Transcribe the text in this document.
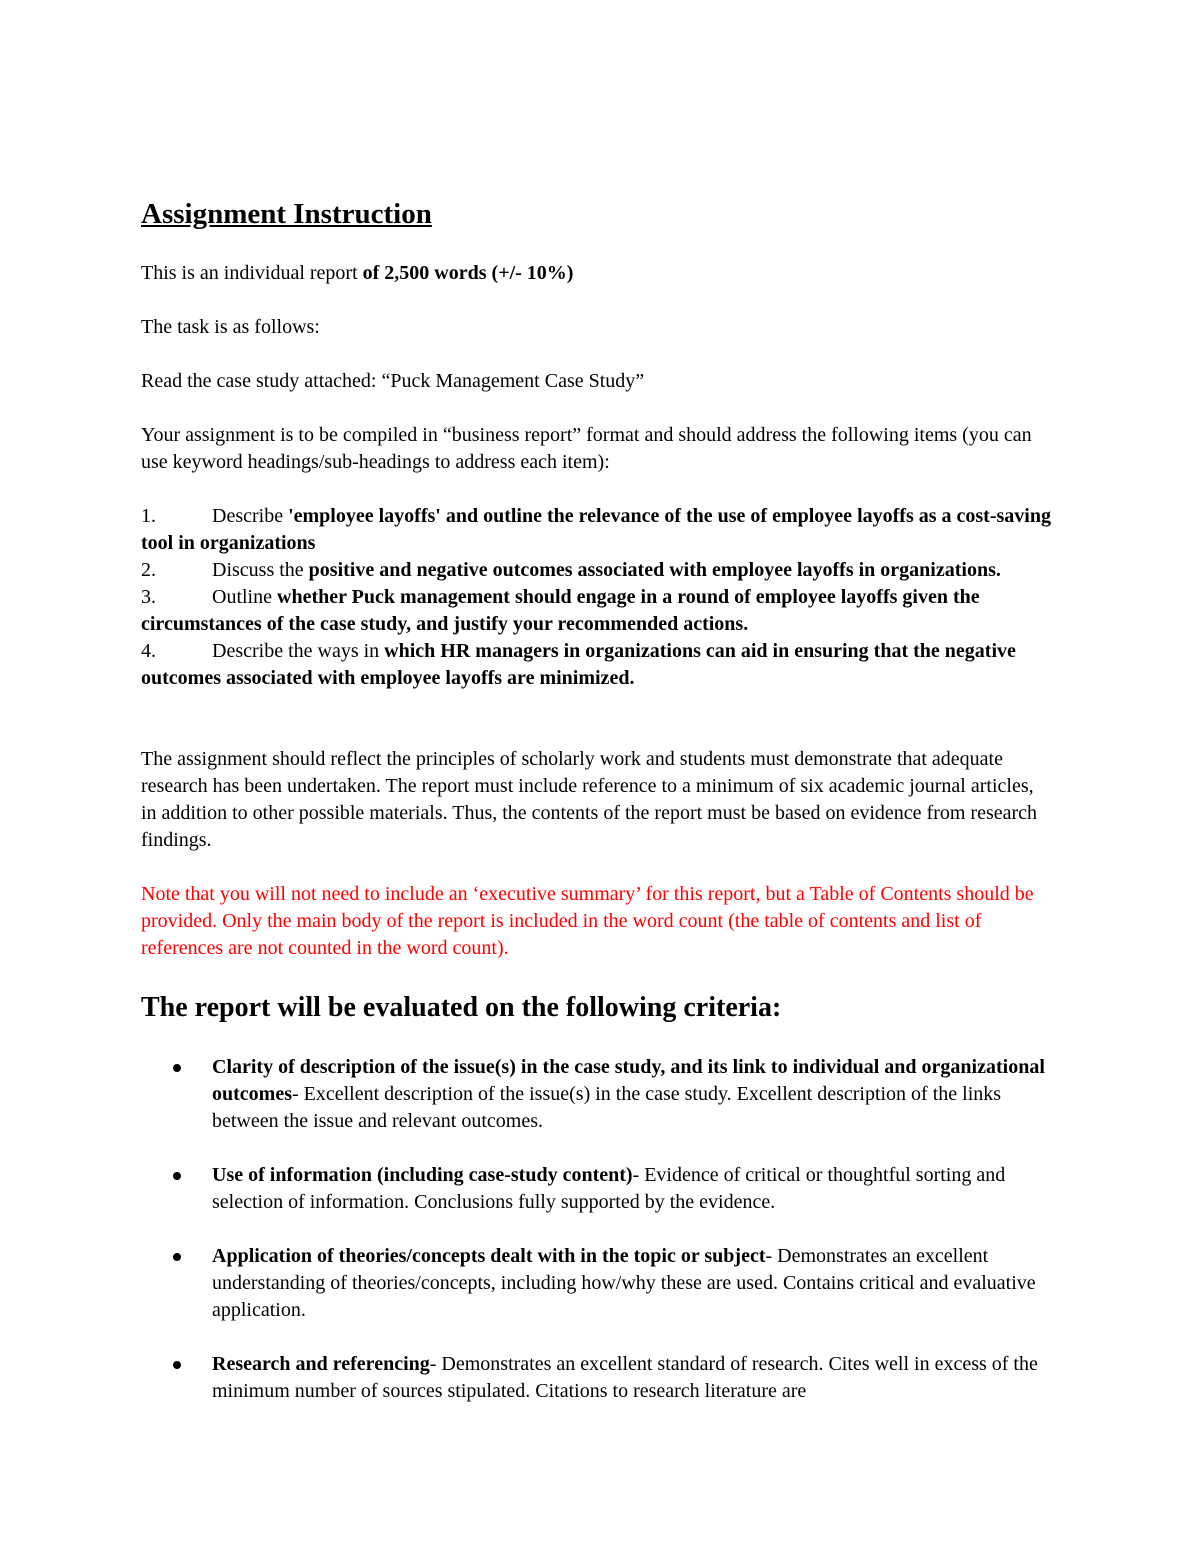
Assignment Instruction

This is an individual report of 2,500 words (+/- 10%)

The task is as follows:

Read the case study attached: “Puck Management Case Study”

Your assignment is to be compiled in “business report” format and should address the following items (you can use keyword headings/sub-headings to address each item):

1.	Describe 'employee layoffs' and outline the relevance of the use of employee layoffs as a cost-saving tool in organizations

2.	Discuss the positive and negative outcomes associated with employee layoffs in organizations.

3.	Outline whether Puck management should engage in a round of employee layoffs given the circumstances of the case study, and justify your recommended actions.

4.	Describe the ways in which HR managers in organizations can aid in ensuring that the negative outcomes associated with employee layoffs are minimized.

The assignment should reflect the principles of scholarly work and students must demonstrate that adequate research has been undertaken. The report must include reference to a minimum of six academic journal articles, in addition to other possible materials. Thus, the contents of the report must be based on evidence from research findings.

Note that you will not need to include an ‘executive summary’ for this report, but a Table of Contents should be provided. Only the main body of the report is included in the word count (the table of contents and list of references are not counted in the word count).

The report will be evaluated on the following criteria:
Clarity of description of the issue(s) in the case study, and its link to individual and organizational outcomes- Excellent description of the issue(s) in the case study. Excellent description of the links between the issue and relevant outcomes.
Use of information (including case-study content)- Evidence of critical or thoughtful sorting and selection of information. Conclusions fully supported by the evidence.
Application of theories/concepts dealt with in the topic or subject- Demonstrates an excellent understanding of theories/concepts, including how/why these are used. Contains critical and evaluative application.
Research and referencing- Demonstrates an excellent standard of research. Cites well in excess of the minimum number of sources stipulated. Citations to research literature are
